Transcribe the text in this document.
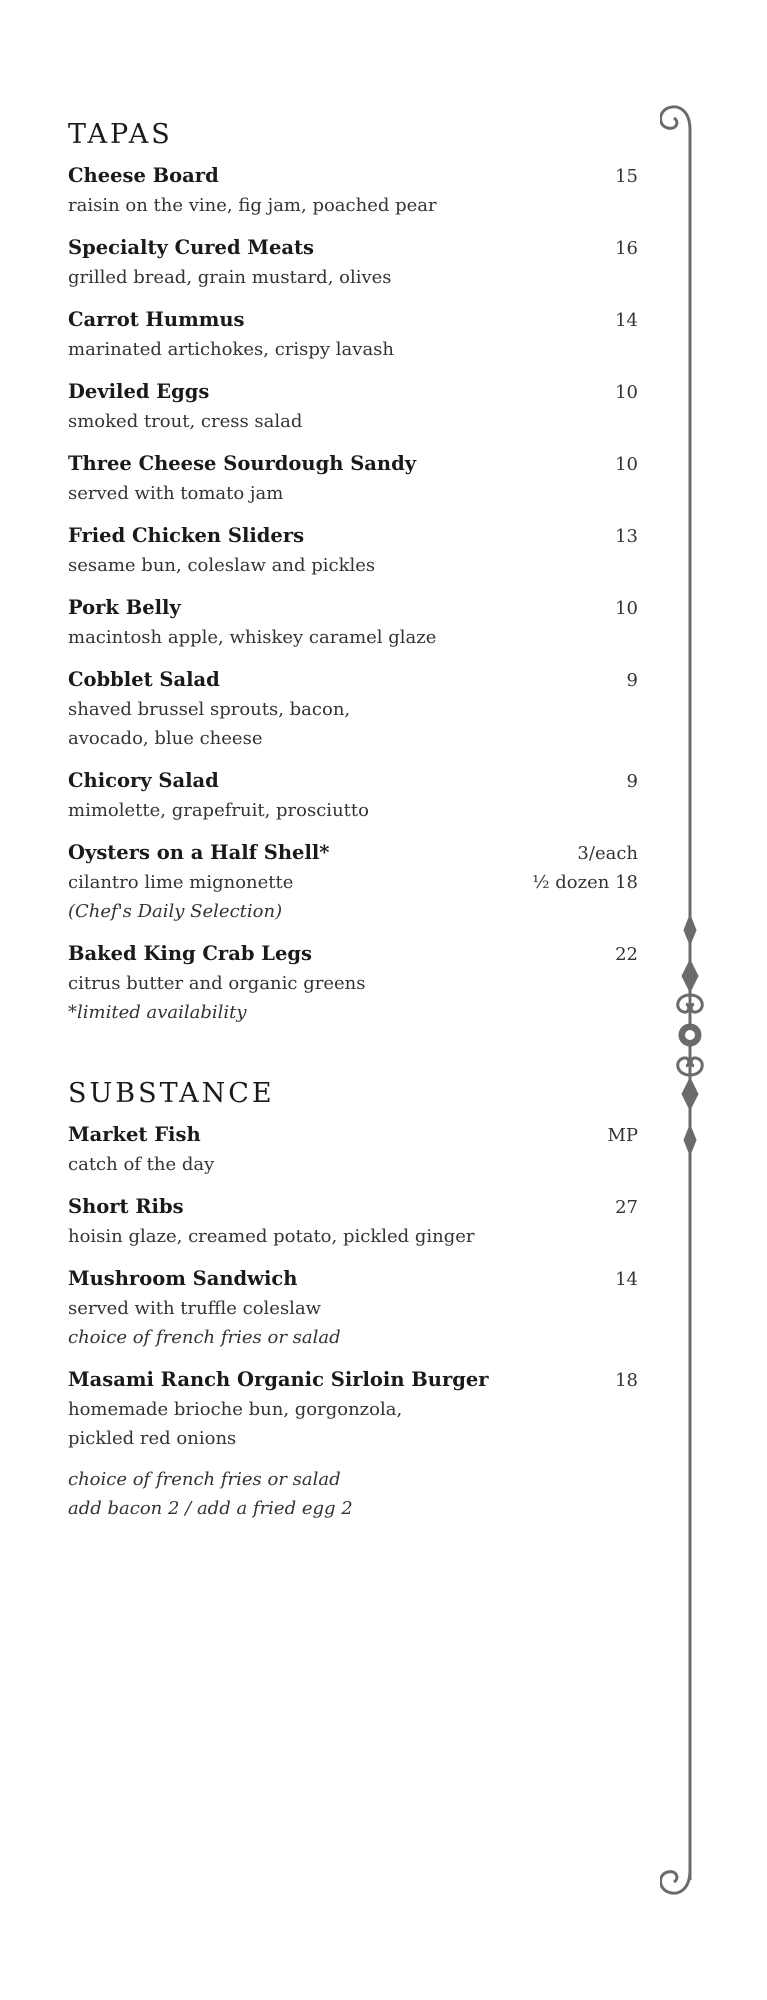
TAPAS
Cheese Board	15
raisin on the vine, fig jam, poached pear
Specialty Cured Meats	16
grilled bread, grain mustard, olives
Carrot Hummus	14
marinated artichokes, crispy lavash
Deviled Eggs	10
smoked trout, cress salad
Three Cheese Sourdough Sandy	10
served with tomato jam
Fried Chicken Sliders	13
sesame bun, coleslaw and pickles
Pork Belly	10
macintosh apple, whiskey caramel glaze
Cobblet Salad	9
shaved brussel sprouts, bacon,
avocado, blue cheese
Chicory Salad	9
mimolette, grapefruit, prosciutto
Oysters on a Half Shell*	3/each
cilantro lime mignonette	½ dozen 18
(Chef's Daily Selection)
Baked King Crab Legs	22
citrus butter and organic greens
*limited availability
SUBSTANCE
Market Fish	MP
catch of the day
Short Ribs	27
hoisin glaze, creamed potato, pickled ginger
Mushroom Sandwich	14
served with truffle coleslaw
choice of french fries or salad
Masami Ranch Organic Sirloin Burger	18
homemade brioche bun, gorgonzola,
pickled red onions
choice of french fries or salad
add bacon 2 / add a fried egg 2
